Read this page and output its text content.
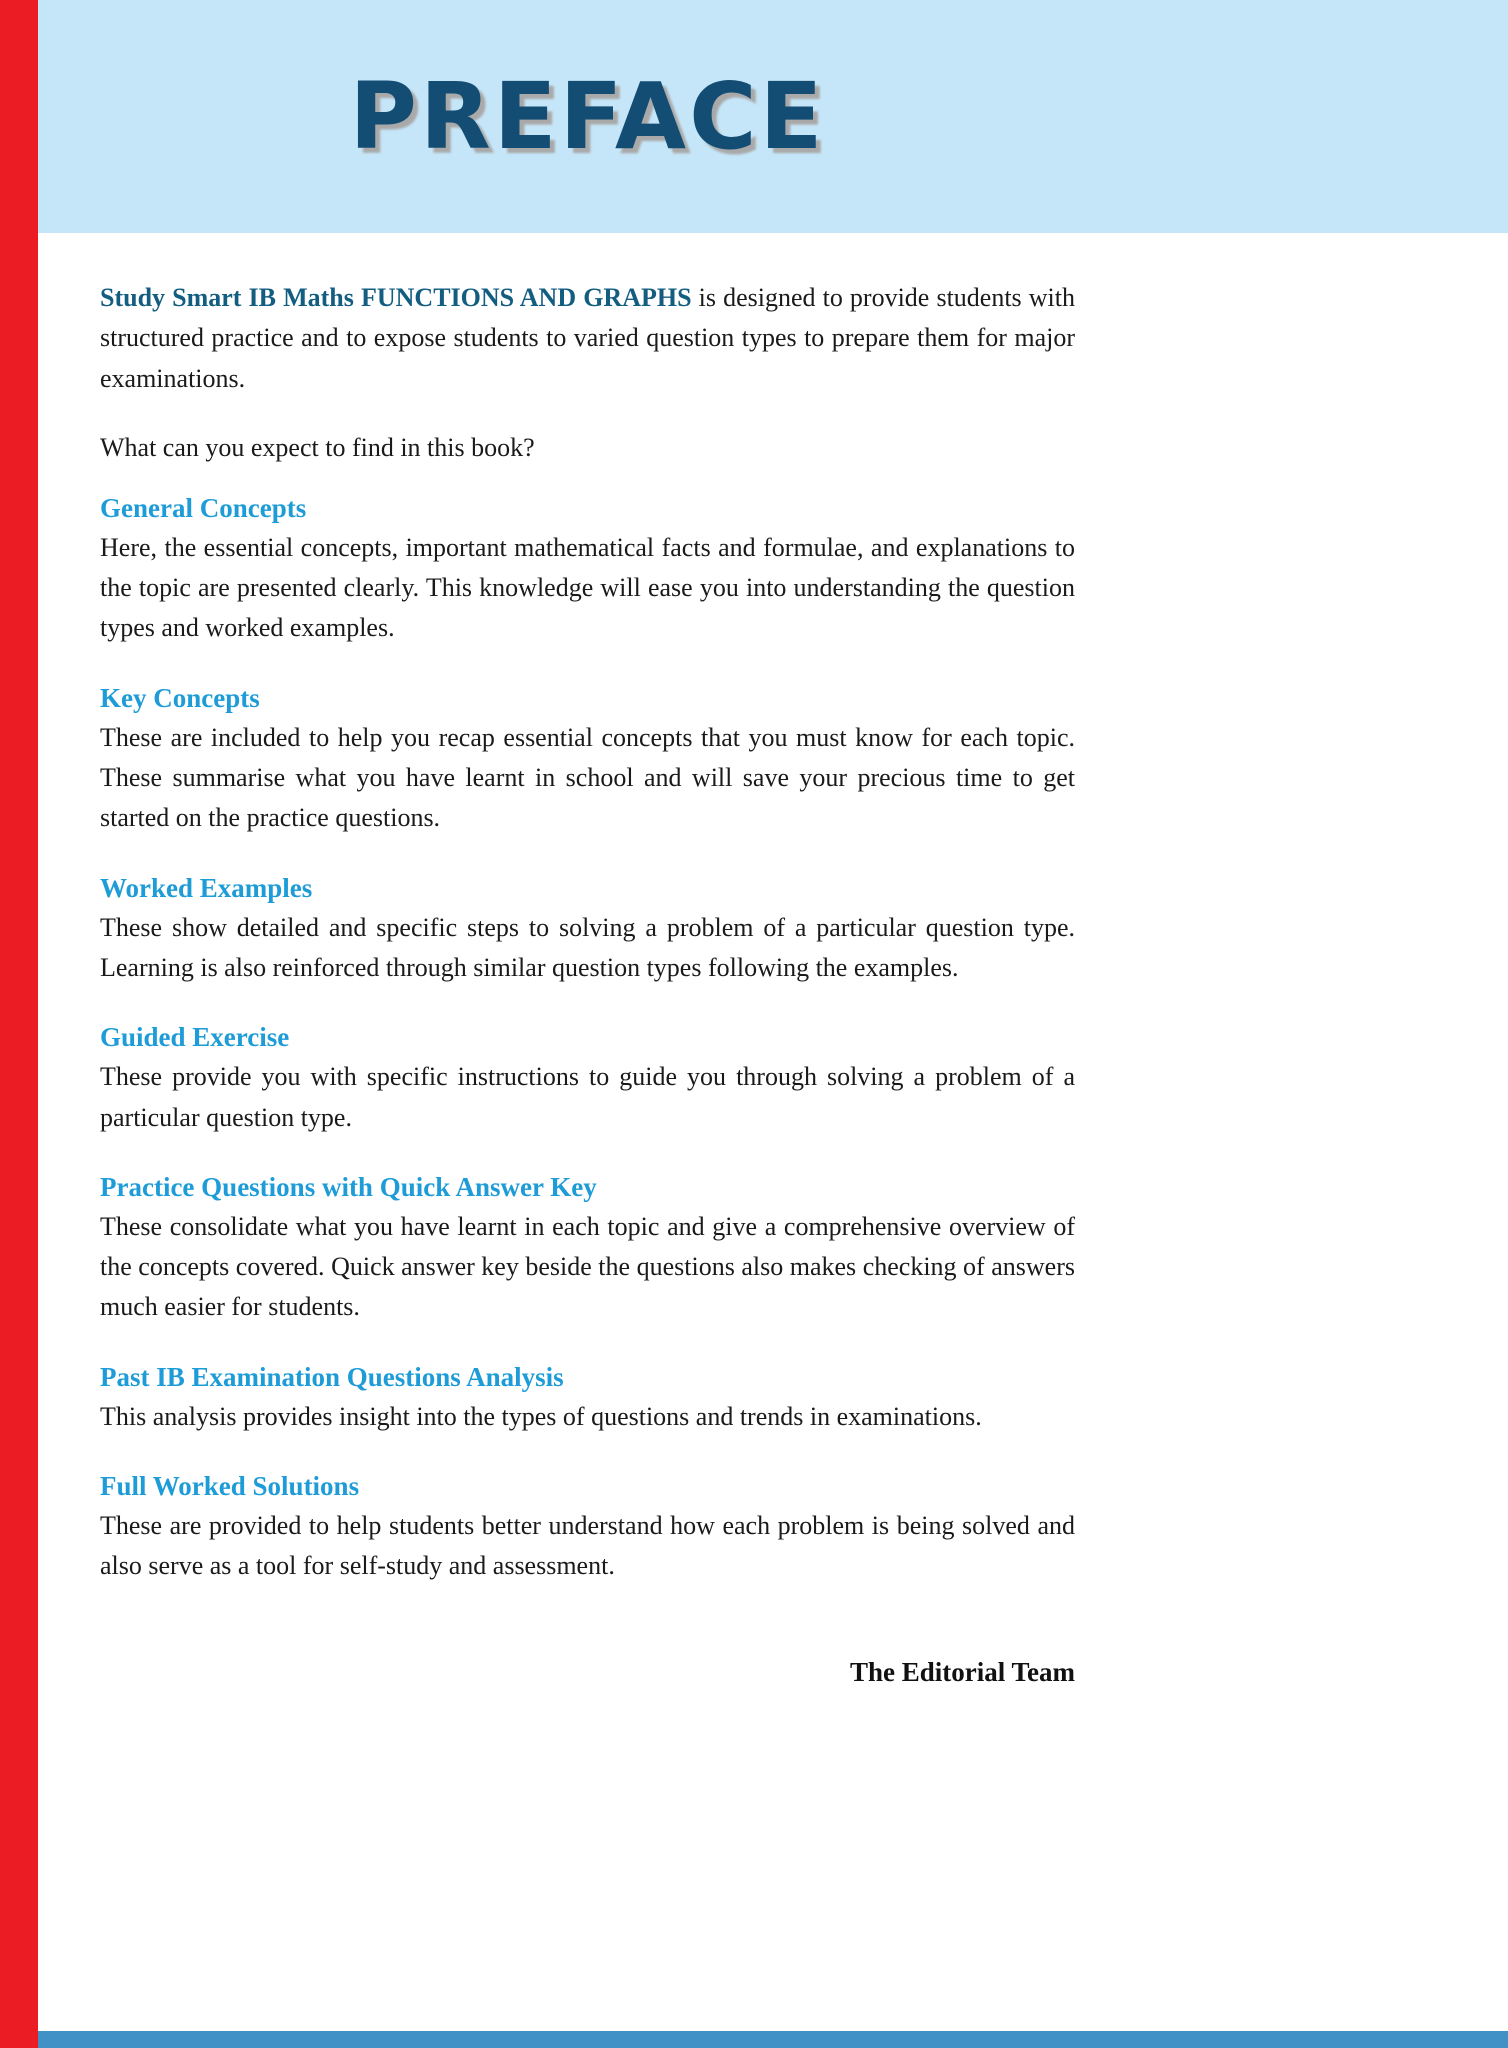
PREFACE

Study Smart IB Maths FUNCTIONS AND GRAPHS is designed to provide students with structured practice and to expose students to varied question types to prepare them for major examinations.

What can you expect to find in this book?

General Concepts

Here, the essential concepts, important mathematical facts and formulae, and explanations to the topic are presented clearly. This knowledge will ease you into understanding the question types and worked examples.

Key Concepts

These are included to help you recap essential concepts that you must know for each topic. These summarise what you have learnt in school and will save your precious time to get started on the practice questions.

Worked Examples

These show detailed and specific steps to solving a problem of a particular question type. Learning is also reinforced through similar question types following the examples.

Guided Exercise

These provide you with specific instructions to guide you through solving a problem of a particular question type.

Practice Questions with Quick Answer Key

These consolidate what you have learnt in each topic and give a comprehensive overview of the concepts covered. Quick answer key beside the questions also makes checking of answers much easier for students.

Past IB Examination Questions Analysis

This analysis provides insight into the types of questions and trends in examinations.

Full Worked Solutions

These are provided to help students better understand how each problem is being solved and also serve as a tool for self-study and assessment.

The Editorial Team
